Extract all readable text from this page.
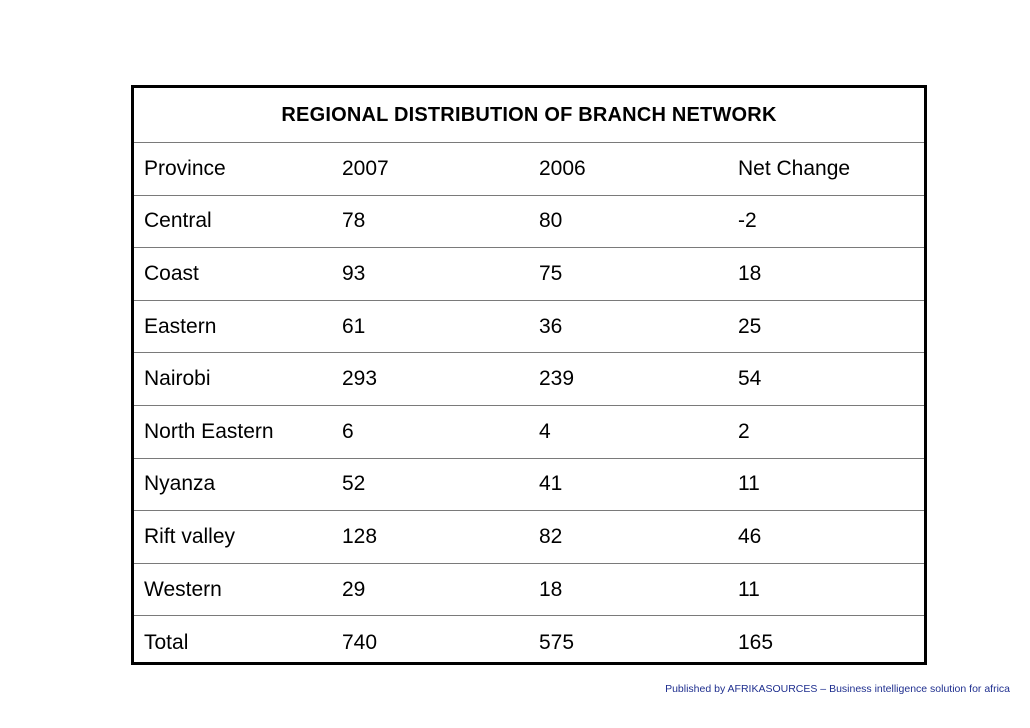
REGIONAL DISTRIBUTION OF BRANCH NETWORK
Province	2007	2006	Net Change
Central	78	80	-2
Coast	93	75	18
Eastern	61	36	25
Nairobi	293	239	54
North Eastern	6	4	2
Nyanza	52	41	11
Rift valley	128	82	46
Western	29	18	11
Total	740	575	165
Published by AFRIKASOURCES – Business intelligence solution for africa
